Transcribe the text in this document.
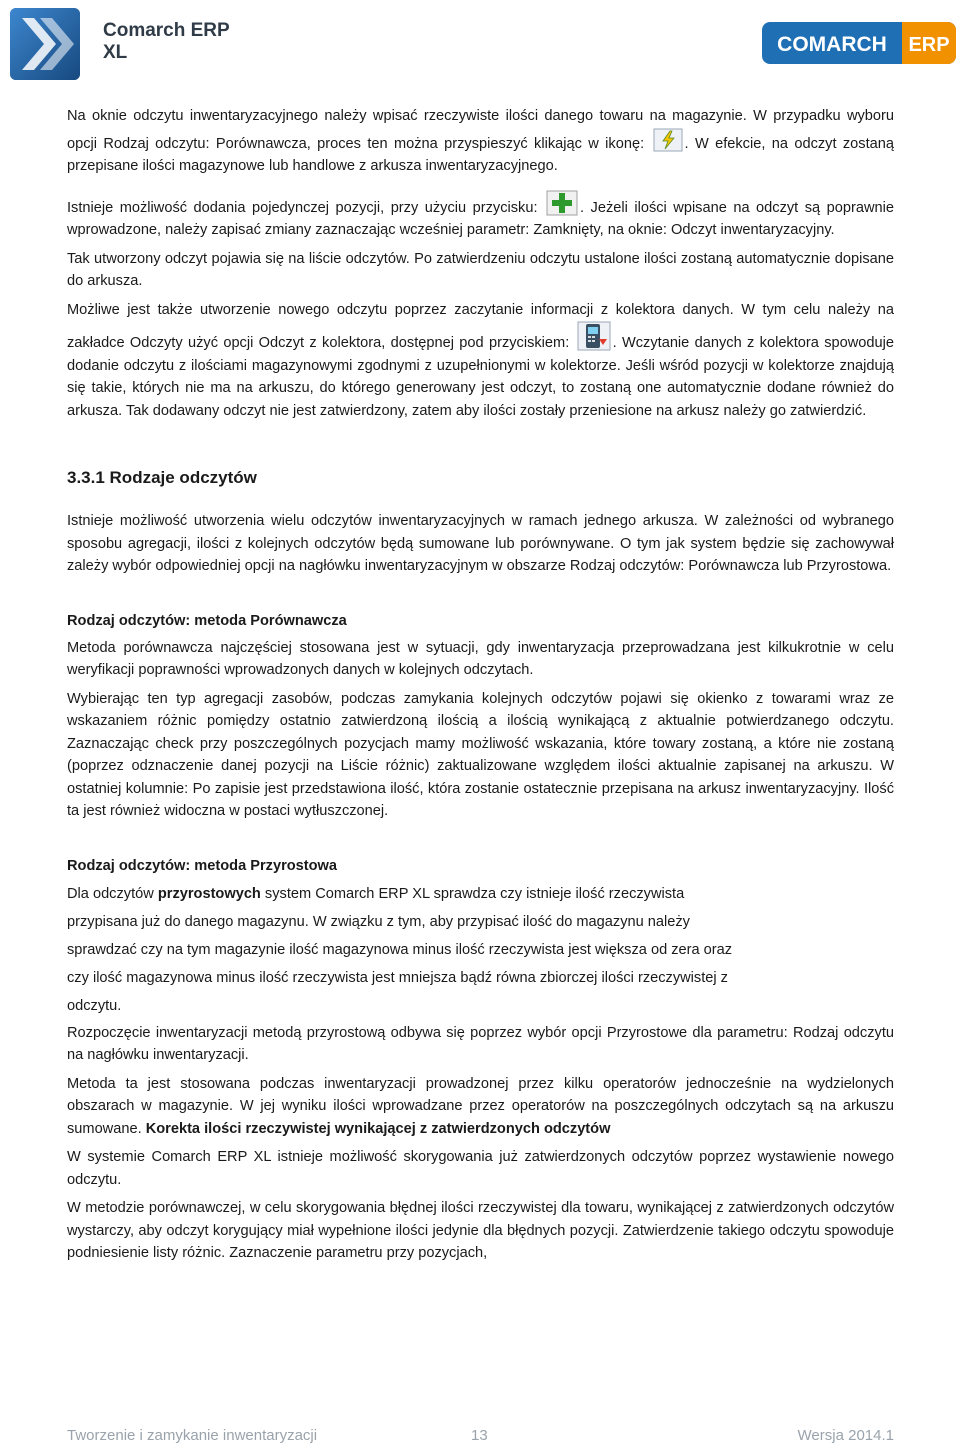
Comarch ERP
XL	COMARCH ERP

Na oknie odczytu inwentaryzacyjnego należy wpisać rzeczywiste ilości danego towaru na magazynie. W przypadku wyboru opcji Rodzaj odczytu: Porównawcza, proces ten można przyspieszyć klikając w ikonę:	. W efekcie, na odczyt zostaną przepisane ilości magazynowe lub handlowe z arkusza inwentaryzacyjnego.

Istnieje możliwość dodania pojedynczej pozycji, przy użyciu przycisku:	. Jeżeli ilości wpisane na odczyt są poprawnie wprowadzone, należy zapisać zmiany zaznaczając wcześniej parametr: Zamknięty, na oknie: Odczyt inwentaryzacyjny.

Tak utworzony odczyt pojawia się na liście odczytów. Po zatwierdzeniu odczytu ustalone ilości zostaną automatycznie dopisane do arkusza.

Możliwe jest także utworzenie nowego odczytu poprzez zaczytanie informacji z kolektora danych. W tym celu należy na zakładce Odczyty użyć opcji Odczyt z kolektora, dostępnej pod przyciskiem:	. Wczytanie danych z kolektora spowoduje dodanie odczytu z ilościami magazynowymi zgodnymi z uzupełnionymi w kolektorze. Jeśli wśród pozycji w kolektorze znajdują się takie, których nie ma na arkuszu, do którego generowany jest odczyt, to zostaną one automatycznie dodane również do arkusza. Tak dodawany odczyt nie jest zatwierdzony, zatem aby ilości zostały przeniesione na arkusz należy go zatwierdzić.

3.3.1 Rodzaje odczytów

Istnieje możliwość utworzenia wielu odczytów inwentaryzacyjnych w ramach jednego arkusza. W zależności od wybranego sposobu agregacji, ilości z kolejnych odczytów będą sumowane lub porównywane. O tym jak system będzie się zachowywał zależy wybór odpowiedniej opcji na nagłówku inwentaryzacyjnym w obszarze Rodzaj odczytów: Porównawcza lub Przyrostowa.

Rodzaj odczytów: metoda Porównawcza

Metoda porównawcza najczęściej stosowana jest w sytuacji, gdy inwentaryzacja przeprowadzana jest kilkukrotnie w celu weryfikacji poprawności wprowadzonych danych w kolejnych odczytach.

Wybierając ten typ agregacji zasobów, podczas zamykania kolejnych odczytów pojawi się okienko z towarami wraz ze wskazaniem różnic pomiędzy ostatnio zatwierdzoną ilością a ilością wynikającą z aktualnie potwierdzanego odczytu. Zaznaczając check przy poszczególnych pozycjach mamy możliwość wskazania, które towary zostaną, a które nie zostaną (poprzez odznaczenie danej pozycji na Liście różnic) zaktualizowane względem ilości aktualnie zapisanej na arkuszu. W ostatniej kolumnie: Po zapisie jest przedstawiona ilość, która zostanie ostatecznie przepisana na arkusz inwentaryzacyjny. Ilość ta jest również widoczna w postaci wytłuszczonej.

Rodzaj odczytów: metoda Przyrostowa

Dla odczytów przyrostowych system Comarch ERP XL sprawdza czy istnieje ilość rzeczywista

przypisana już do danego magazynu. W związku z tym, aby przypisać ilość do magazynu należy

sprawdzać czy na tym magazynie ilość magazynowa minus ilość rzeczywista jest większa od zera oraz

czy ilość magazynowa minus ilość rzeczywista jest mniejsza bądź równa zbiorczej ilości rzeczywistej z

odczytu.

Rozpoczęcie inwentaryzacji metodą przyrostową odbywa się poprzez wybór opcji Przyrostowe dla parametru: Rodzaj odczytu na nagłówku inwentaryzacji.

Metoda ta jest stosowana podczas inwentaryzacji prowadzonej przez kilku operatorów jednocześnie na wydzielonych obszarach w magazynie. W jej wyniku ilości wprowadzane przez operatorów na poszczególnych odczytach są na arkuszu sumowane. Korekta ilości rzeczywistej wynikającej z zatwierdzonych odczytów

W systemie Comarch ERP XL istnieje możliwość skorygowania już zatwierdzonych odczytów poprzez wystawienie nowego odczytu.

W metodzie porównawczej, w celu skorygowania błędnej ilości rzeczywistej dla towaru, wynikającej z zatwierdzonych odczytów wystarczy, aby odczyt korygujący miał wypełnione ilości jedynie dla błędnych pozycji. Zatwierdzenie takiego odczytu spowoduje podniesienie listy różnic. Zaznaczenie parametru przy pozycjach,

Tworzenie i zamykanie inwentaryzacji	13	Wersja 2014.1
